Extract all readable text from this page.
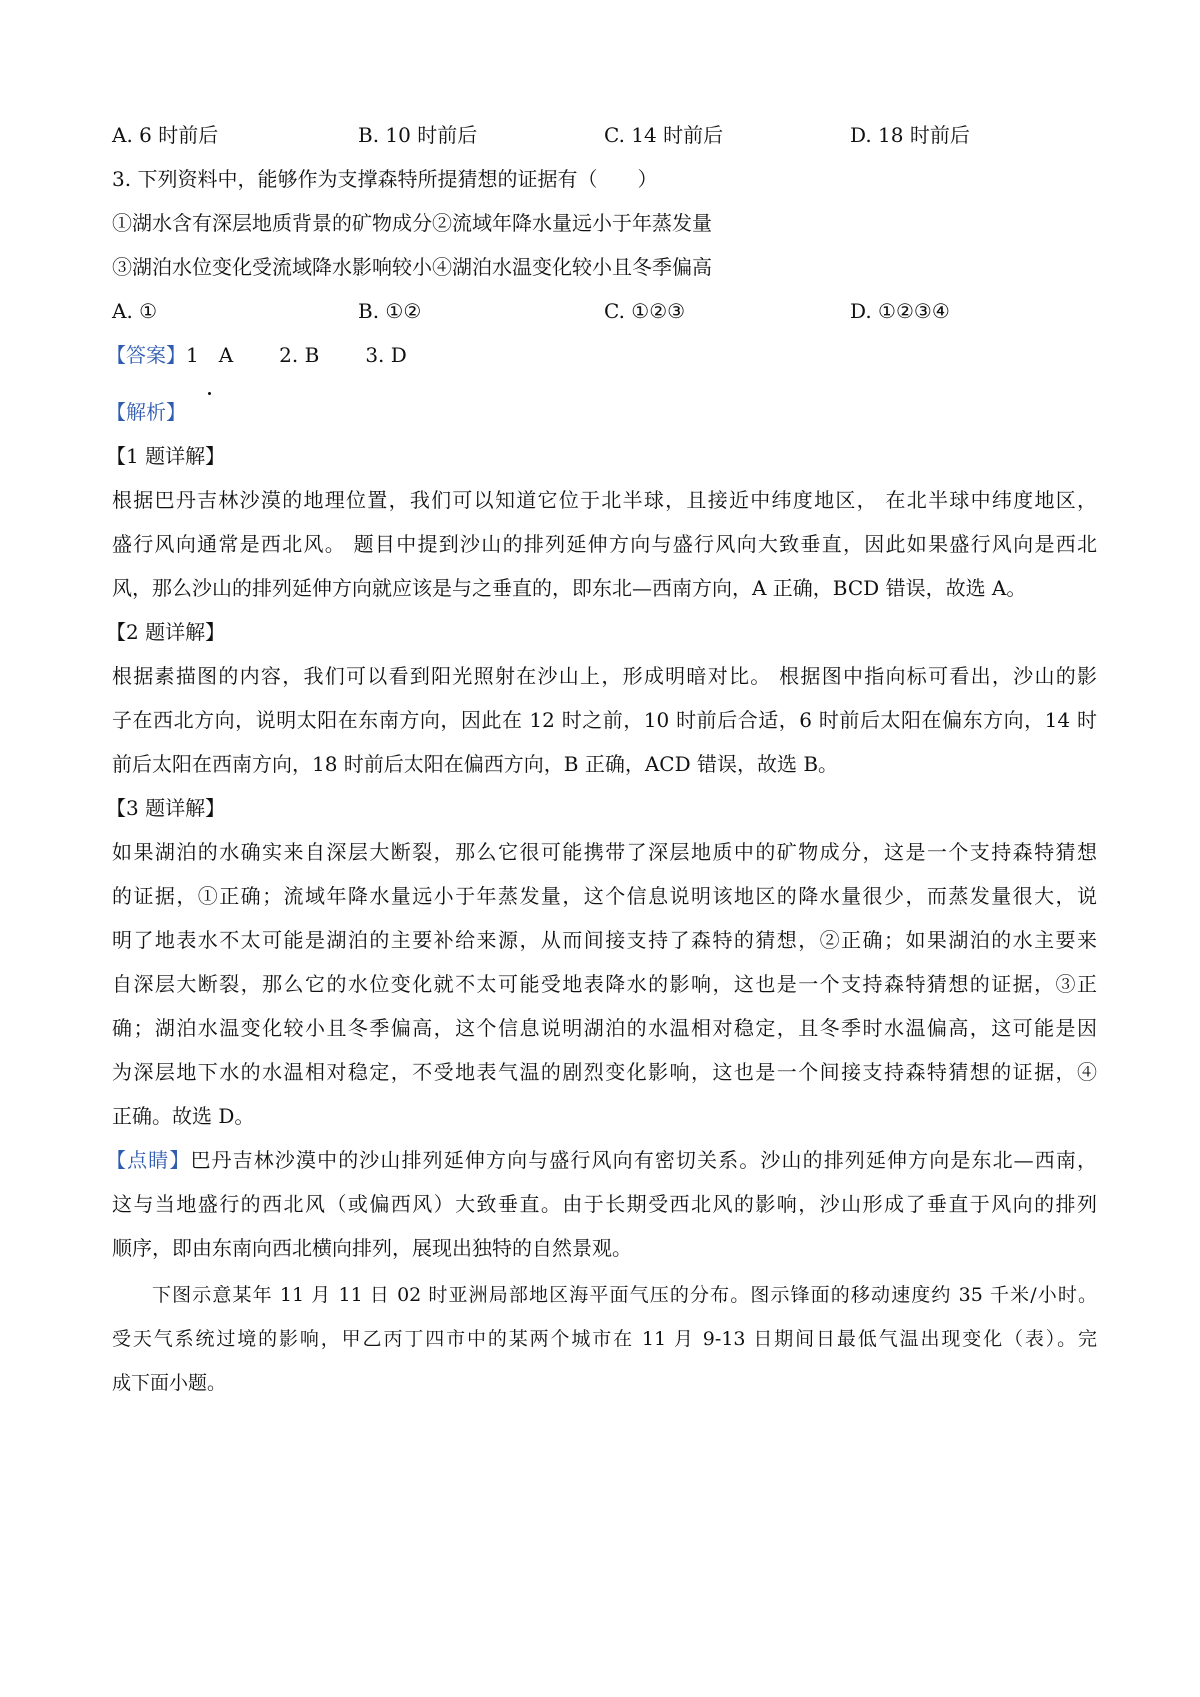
A. 6 时前后	B. 10 时前后	C. 14 时前后	D. 18 时前后
3. 下列资料中，能够作为支撑森特所提猜想的证据有（　　）
①湖水含有深层地质背景的矿物成分②流域年降水量远小于年蒸发量
③湖泊水位变化受流域降水影响较小④湖泊水温变化较小且冬季偏高
A. ①	B. ①②	C. ①②③	D. ①②③④
【答案】1　A 2. B 3. D
【解析】
【1 题详解】
根据巴丹吉林沙漠的地理位置，我们可以知道它位于北半球，且接近中纬度地区， 在北半球中纬度地区，
盛行风向通常是西北风。 题目中提到沙山的排列延伸方向与盛行风向大致垂直，因此如果盛行风向是西北
风，那么沙山的排列延伸方向就应该是与之垂直的，即东北—西南方向，A 正确，BCD 错误，故选 A。
【2 题详解】
根据素描图的内容，我们可以看到阳光照射在沙山上，形成明暗对比。 根据图中指向标可看出，沙山的影
子在西北方向，说明太阳在东南方向，因此在 12 时之前，10 时前后合适，6 时前后太阳在偏东方向，14 时
前后太阳在西南方向，18 时前后太阳在偏西方向，B 正确，ACD 错误，故选 B。
【3 题详解】
如果湖泊的水确实来自深层大断裂，那么它很可能携带了深层地质中的矿物成分，这是一个支持森特猜想
的证据，①正确；流域年降水量远小于年蒸发量，这个信息说明该地区的降水量很少，而蒸发量很大，说
明了地表水不太可能是湖泊的主要补给来源，从而间接支持了森特的猜想，②正确；如果湖泊的水主要来
自深层大断裂，那么它的水位变化就不太可能受地表降水的影响，这也是一个支持森特猜想的证据，③正
确；湖泊水温变化较小且冬季偏高，这个信息说明湖泊的水温相对稳定，且冬季时水温偏高，这可能是因
为深层地下水的水温相对稳定，不受地表气温的剧烈变化影响，这也是一个间接支持森特猜想的证据，④
正确。故选 D。
【点睛】巴丹吉林沙漠中的沙山排列延伸方向与盛行风向有密切关系。沙山的排列延伸方向是东北—西南，
这与当地盛行的西北风（或偏西风）大致垂直。由于长期受西北风的影响，沙山形成了垂直于风向的排列
顺序，即由东南向西北横向排列，展现出独特的自然景观。
下图示意某年 11 月 11 日 02 时亚洲局部地区海平面气压的分布。图示锋面的移动速度约 35 千米/小时。
受天气系统过境的影响，甲乙丙丁四市中的某两个城市在 11 月 9-13 日期间日最低气温出现变化（表）。完
成下面小题。
